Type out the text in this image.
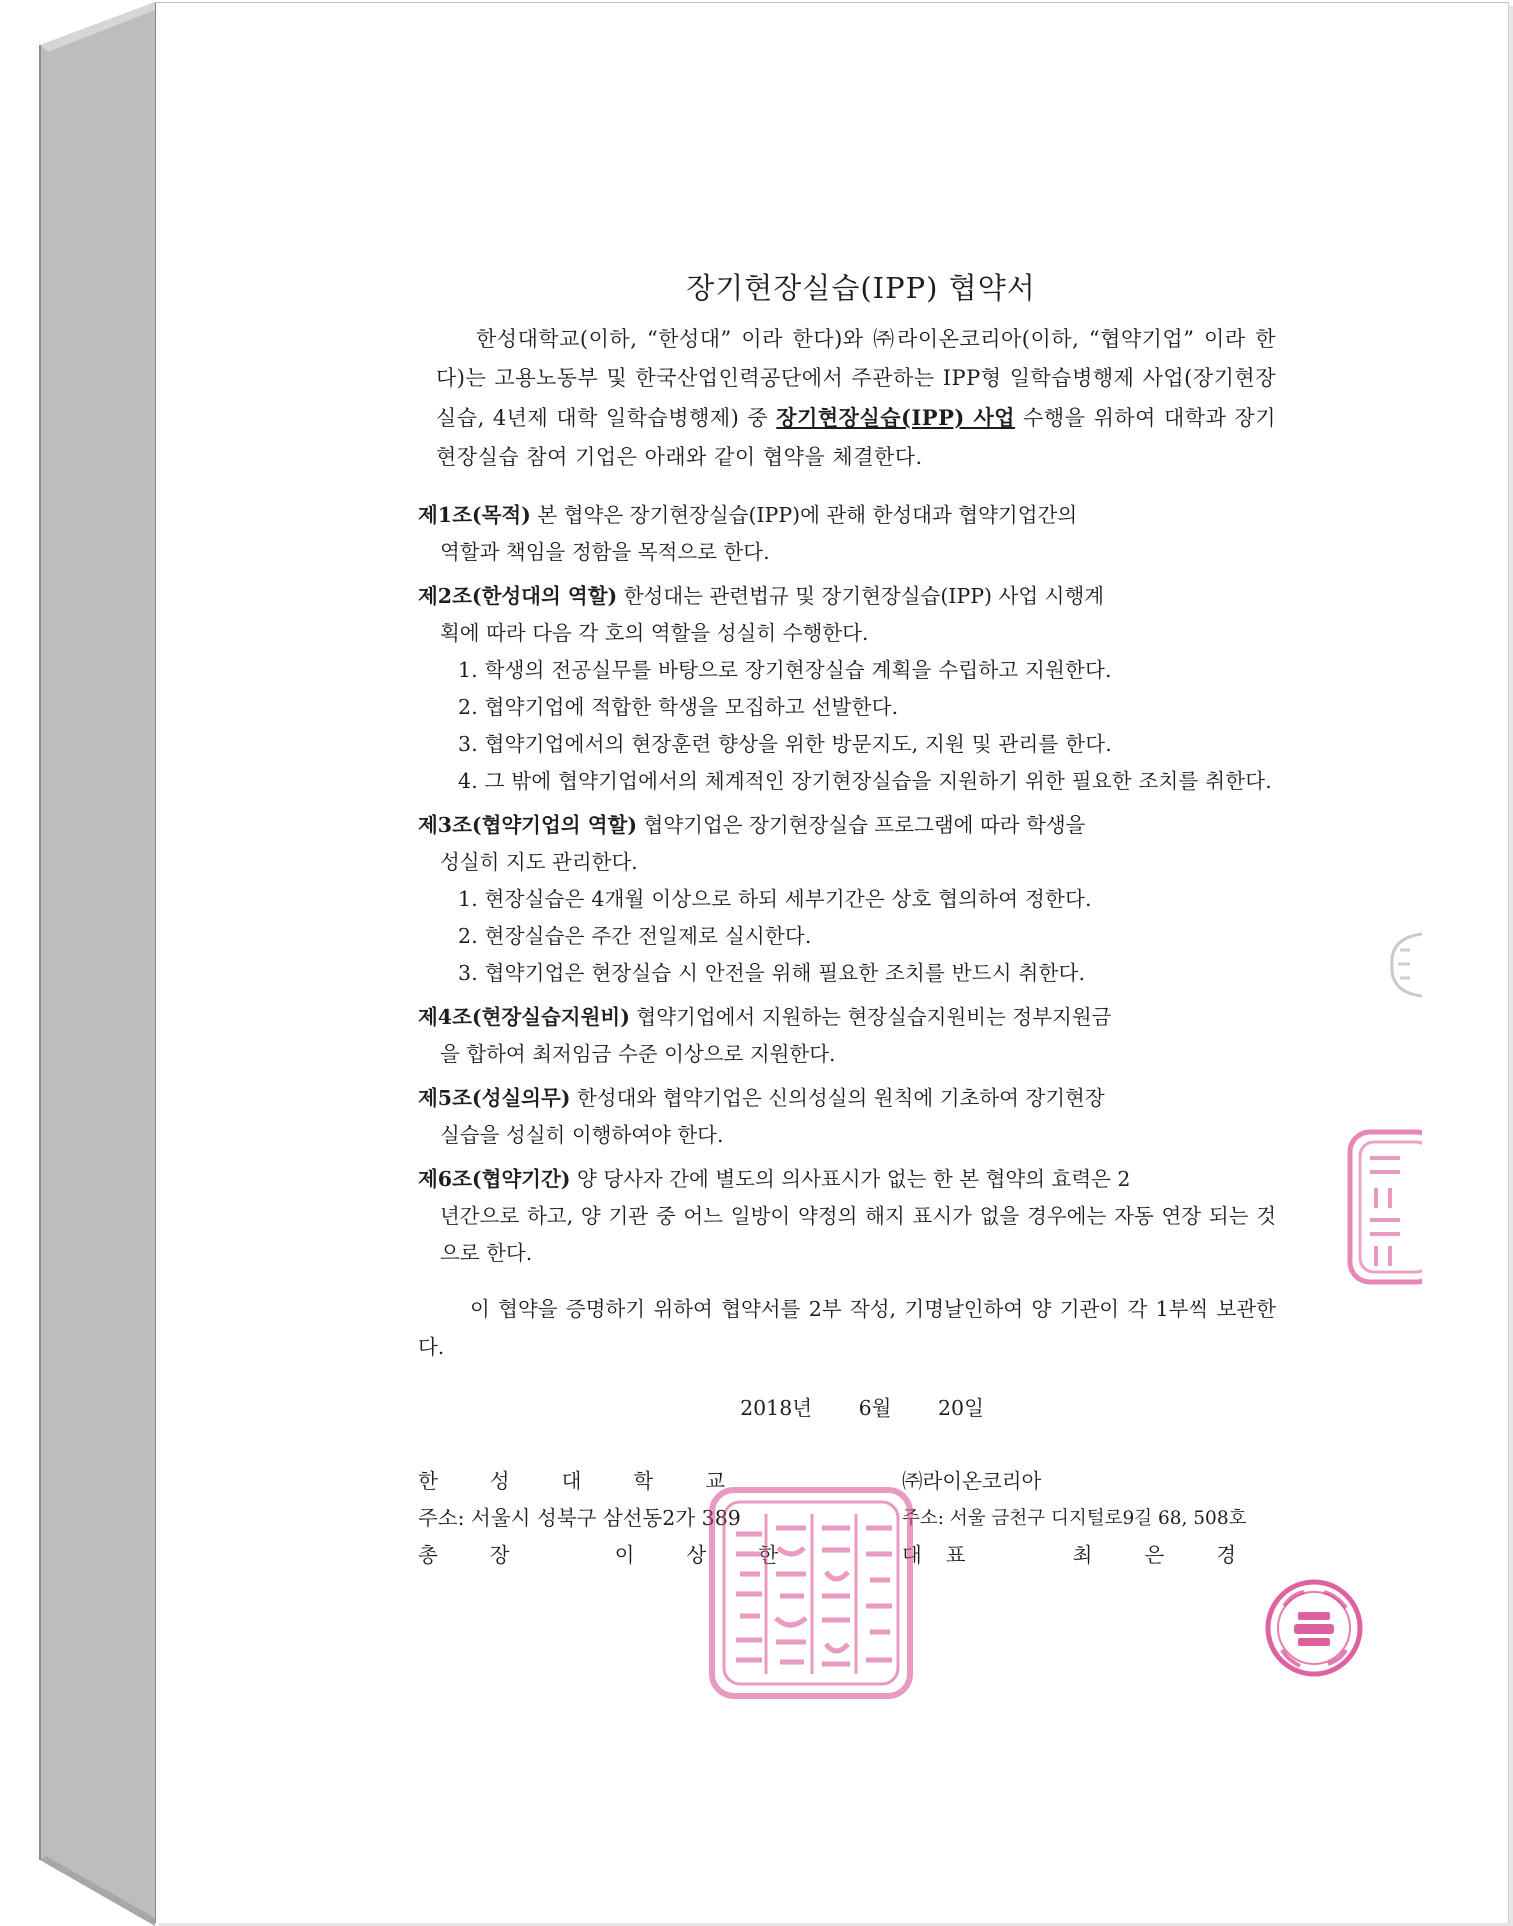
장기현장실습(IPP) 협약서

한성대학교(이하, “한성대” 이라 한다)와 ㈜라이온코리아(이하, “협약기업” 이라 한다)는 고용노동부 및 한국산업인력공단에서 주관하는 IPP형 일학습병행제 사업(장기현장실습, 4년제 대학 일학습병행제) 중 장기현장실습(IPP) 사업 수행을 위하여 대학과 장기현장실습 참여 기업은 아래와 같이 협약을 체결한다.

제1조(목적) 본 협약은 장기현장실습(IPP)에 관해 한성대과 협약기업간의
역할과 책임을 정함을 목적으로 한다.
제2조(한성대의 역할) 한성대는 관련법규 및 장기현장실습(IPP) 사업 시행계
획에 따라 다음 각 호의 역할을 성실히 수행한다.
1. 학생의 전공실무를 바탕으로 장기현장실습 계획을 수립하고 지원한다.
2. 협약기업에 적합한 학생을 모집하고 선발한다.
3. 협약기업에서의 현장훈련 향상을 위한 방문지도, 지원 및 관리를 한다.
4. 그 밖에 협약기업에서의 체계적인 장기현장실습을 지원하기 위한 필요한 조치를 취한다.
제3조(협약기업의 역할) 협약기업은 장기현장실습 프로그램에 따라 학생을
성실히 지도 관리한다.
1. 현장실습은 4개월 이상으로 하되 세부기간은 상호 협의하여 정한다.
2. 현장실습은 주간 전일제로 실시한다.
3. 협약기업은 현장실습 시 안전을 위해 필요한 조치를 반드시 취한다.
제4조(현장실습지원비) 협약기업에서 지원하는 현장실습지원비는 정부지원금
을 합하여 최저임금 수준 이상으로 지원한다.
제5조(성실의무) 한성대와 협약기업은 신의성실의 원칙에 기초하여 장기현장
실습을 성실히 이행하여야 한다.
제6조(협약기간) 양 당사자 간에 별도의 의사표시가 없는 한 본 협약의 효력은 2
년간으로 하고, 양 기관 중 어느 일방이 약정의 해지 표시가 없을 경우에는 자동 연장 되는 것으로 한다.

이 협약을 증명하기 위하여 협약서를 2부 작성, 기명날인하여 양 기관이 각 1부씩 보관한다.

2018년 6월 20일
한성대학교
주소: 서울시 성북구 삼선동2가 389
총장	이상한
㈜라이온코리아
주소: 서울 금천구 디지털로9길 68, 508호
대표	최은경
